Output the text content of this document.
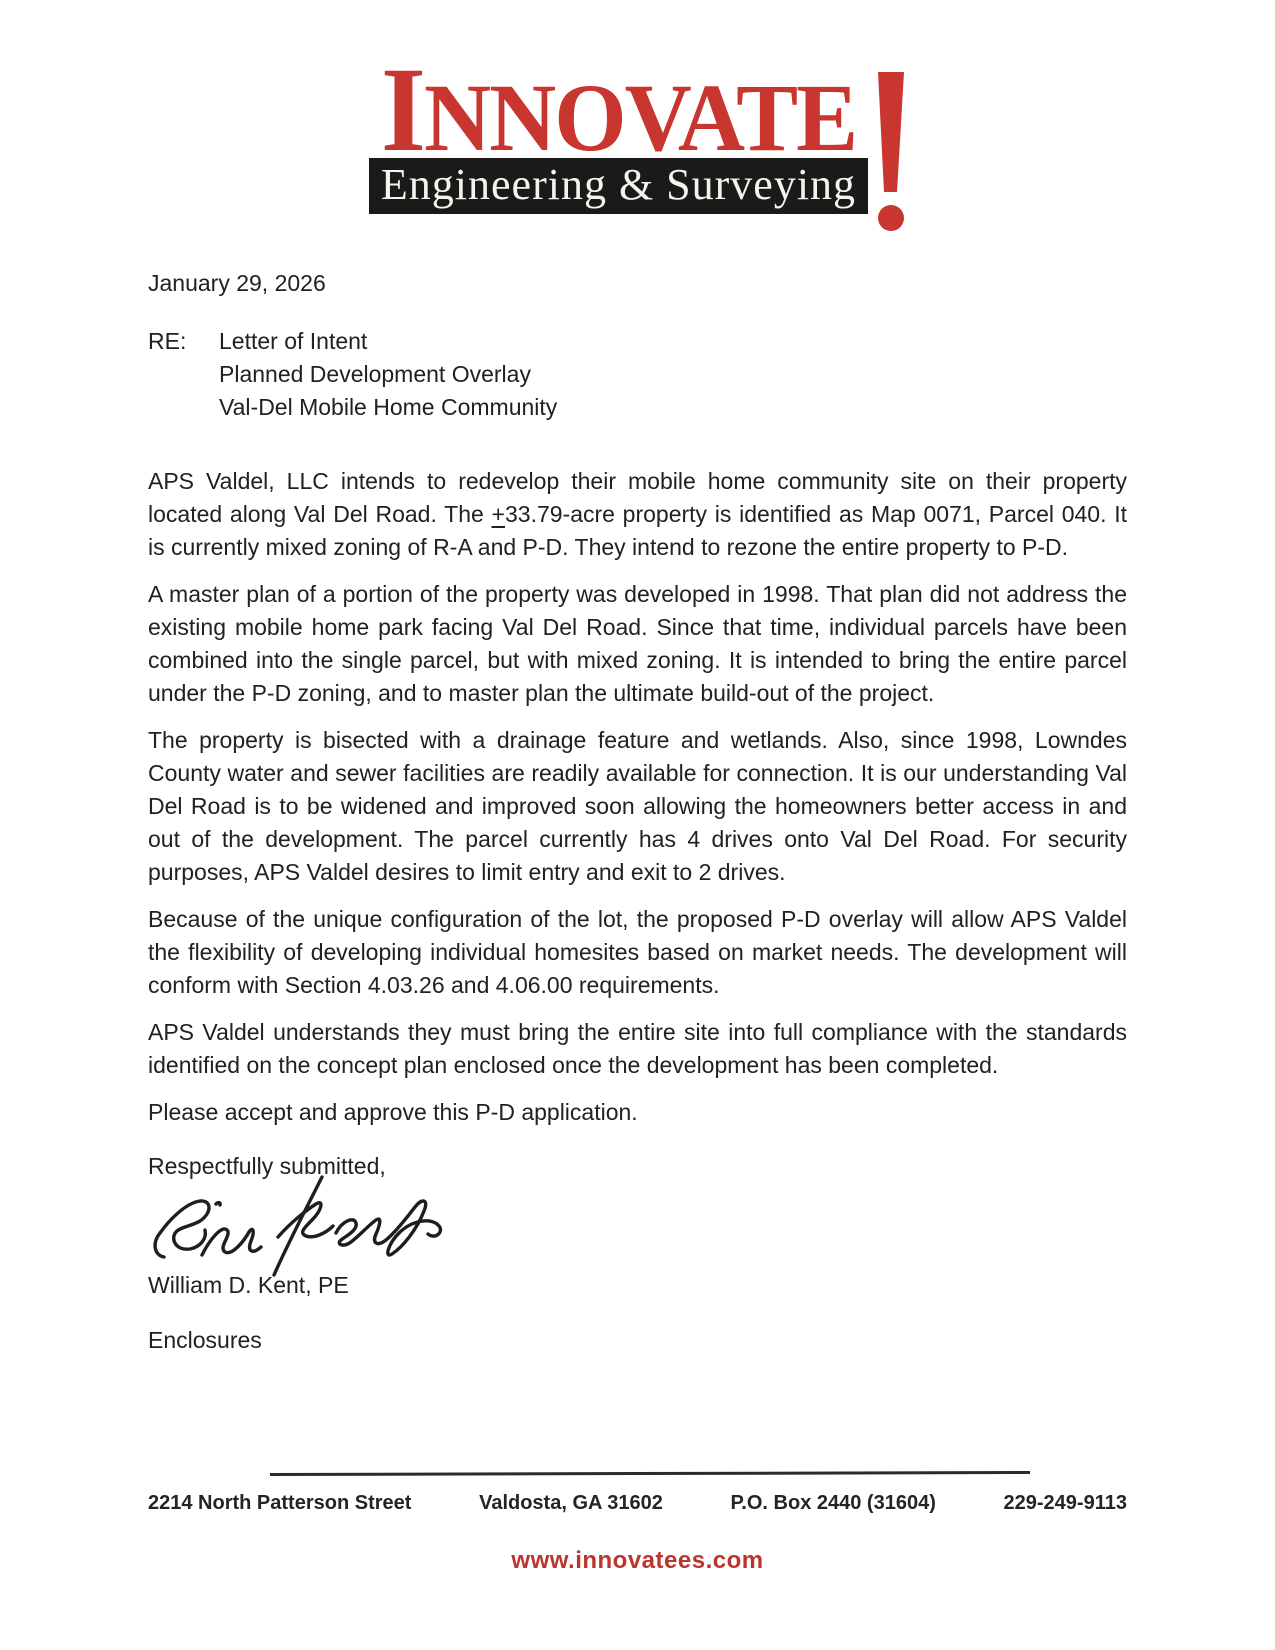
INNOVATE
Engineering & Surveying

January 29, 2026

RE:	Letter of Intent
Planned Development Overlay
Val-Del Mobile Home Community

APS Valdel, LLC intends to redevelop their mobile home community site on their property located along Val Del Road. The +33.79-acre property is identified as Map 0071, Parcel 040. It is currently mixed zoning of R-A and P-D. They intend to rezone the entire property to P-D.

A master plan of a portion of the property was developed in 1998. That plan did not address the existing mobile home park facing Val Del Road. Since that time, individual parcels have been combined into the single parcel, but with mixed zoning. It is intended to bring the entire parcel under the P-D zoning, and to master plan the ultimate build-out of the project.

The property is bisected with a drainage feature and wetlands. Also, since 1998, Lowndes County water and sewer facilities are readily available for connection. It is our understanding Val Del Road is to be widened and improved soon allowing the homeowners better access in and out of the development. The parcel currently has 4 drives onto Val Del Road. For security purposes, APS Valdel desires to limit entry and exit to 2 drives.

Because of the unique configuration of the lot, the proposed P-D overlay will allow APS Valdel the flexibility of developing individual homesites based on market needs. The development will conform with Section 4.03.26 and 4.06.00 requirements.

APS Valdel understands they must bring the entire site into full compliance with the standards identified on the concept plan enclosed once the development has been completed.

Please accept and approve this P-D application.

Respectfully submitted,

William D. Kent, PE

Enclosures

2214 North Patterson Street	Valdosta, GA 31602	P.O. Box 2440 (31604)	229-249-9113
www.innovatees.com
